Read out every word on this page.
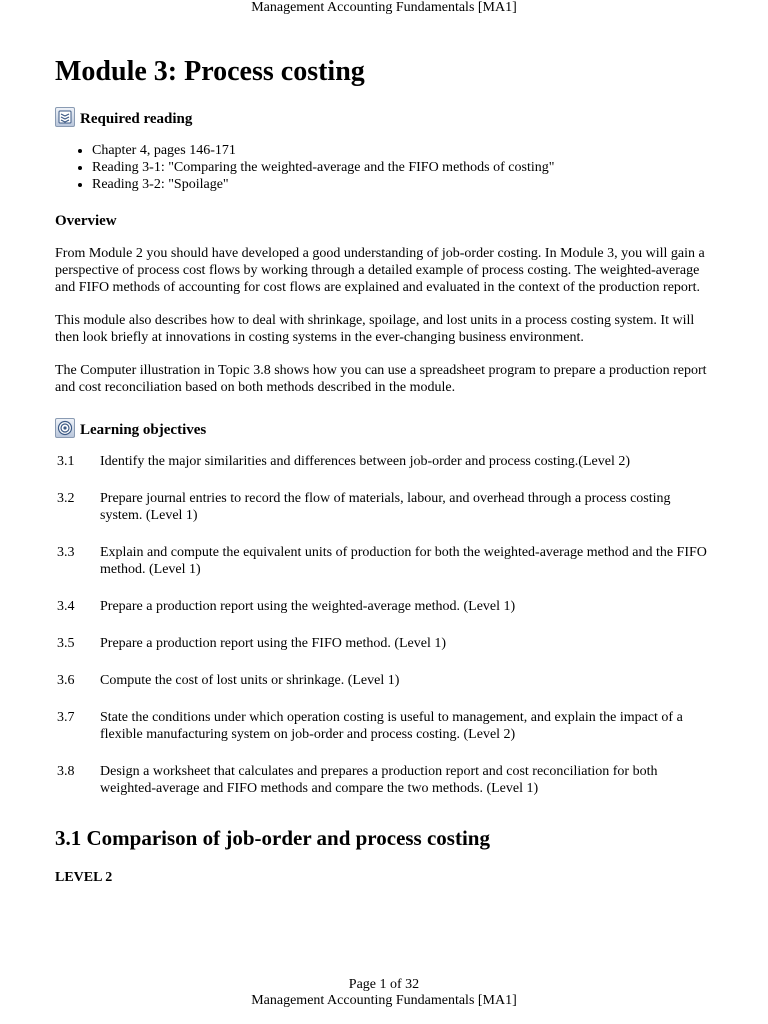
Management Accounting Fundamentals [MA1]
Module 3: Process costing
Required reading
• Chapter 4, pages 146-171
• Reading 3-1: "Comparing the weighted-average and the FIFO methods of costing"
• Reading 3-2: "Spoilage"
Overview

From Module 2 you should have developed a good understanding of job-order costing. In Module 3, you will gain a perspective of process cost flows by working through a detailed example of process costing. The weighted-average and FIFO methods of accounting for cost flows are explained and evaluated in the context of the production report.

This module also describes how to deal with shrinkage, spoilage, and lost units in a process costing system. It will then look briefly at innovations in costing systems in the ever-changing business environment.

The Computer illustration in Topic 3.8 shows how you can use a spreadsheet program to prepare a production report and cost reconciliation based on both methods described in the module.

Learning objectives
3.1	Identify the major similarities and differences between job-order and process costing.(Level 2)
3.2	Prepare journal entries to record the flow of materials, labour, and overhead through a process costing system. (Level 1)
3.3	Explain and compute the equivalent units of production for both the weighted-average method and the FIFO method. (Level 1)
3.4	Prepare a production report using the weighted-average method. (Level 1)
3.5	Prepare a production report using the FIFO method. (Level 1)
3.6	Compute the cost of lost units or shrinkage. (Level 1)
3.7	State the conditions under which operation costing is useful to management, and explain the impact of a flexible manufacturing system on job-order and process costing. (Level 2)
3.8	Design a worksheet that calculates and prepares a production report and cost reconciliation for both weighted-average and FIFO methods and compare the two methods. (Level 1)
3.1 Comparison of job-order and process costing
LEVEL 2
Page 1 of 32
Management Accounting Fundamentals [MA1]
